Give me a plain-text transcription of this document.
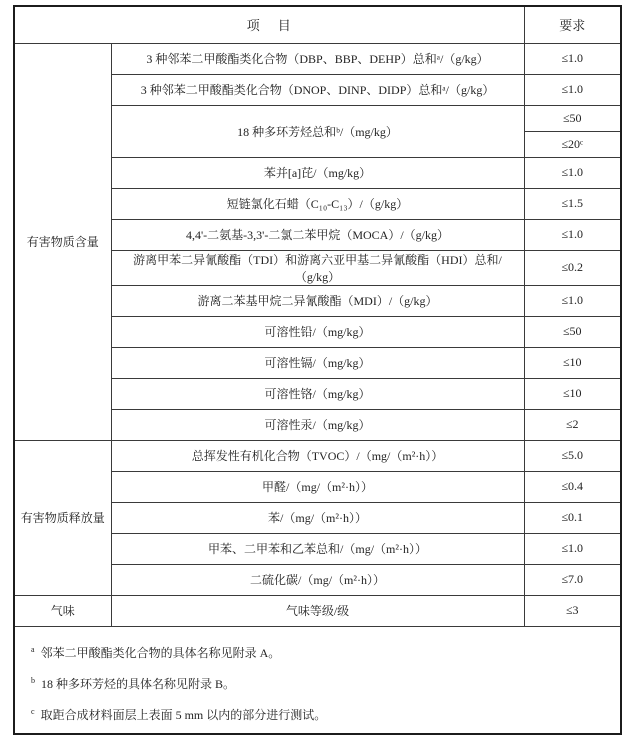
项    目		要求
有害物质含量	3 种邻苯二甲酸酯类化合物（DBP、BBP、DEHP）总和ᵃ/（g/kg）	≤1.0
	3 种邻苯二甲酸酯类化合物（DNOP、DINP、DIDP）总和ᵃ/（g/kg）	≤1.0
	18 种多环芳烃总和ᵇ/（mg/kg）	≤50
		≤20ᶜ
	苯并[a]芘/（mg/kg）	≤1.0
	短链氯化石蜡（C₁₀-C₁₃）/（g/kg）	≤1.5
	4,4'-二氨基-3,3'-二氯二苯甲烷（MOCA）/（g/kg）	≤1.0
	游离甲苯二异氰酸酯（TDI）和游离六亚甲基二异氰酸酯（HDI）总和/（g/kg）	≤0.2
	游离二苯基甲烷二异氰酸酯（MDI）/（g/kg）	≤1.0
	可溶性铅/（mg/kg）	≤50
	可溶性镉/（mg/kg）	≤10
	可溶性铬/（mg/kg）	≤10
	可溶性汞/（mg/kg）	≤2
有害物质释放量	总挥发性有机化合物（TVOC）/（mg/（m²·h））	≤5.0
	甲醛/（mg/（m²·h））	≤0.4
	苯/（mg/（m²·h））	≤0.1
	甲苯、二甲苯和乙苯总和/（mg/（m²·h））	≤1.0
	二硫化碳/（mg/（m²·h））	≤7.0
气味	气味等级/级	≤3

$^a$ 邻苯二甲酸酯类化合物的具体名称见附录 A。
$^b$ 18 种多环芳烃的具体名称见附录 B。
$^c$ 取距合成材料面层上表面 5 mm 以内的部分进行测试。		
